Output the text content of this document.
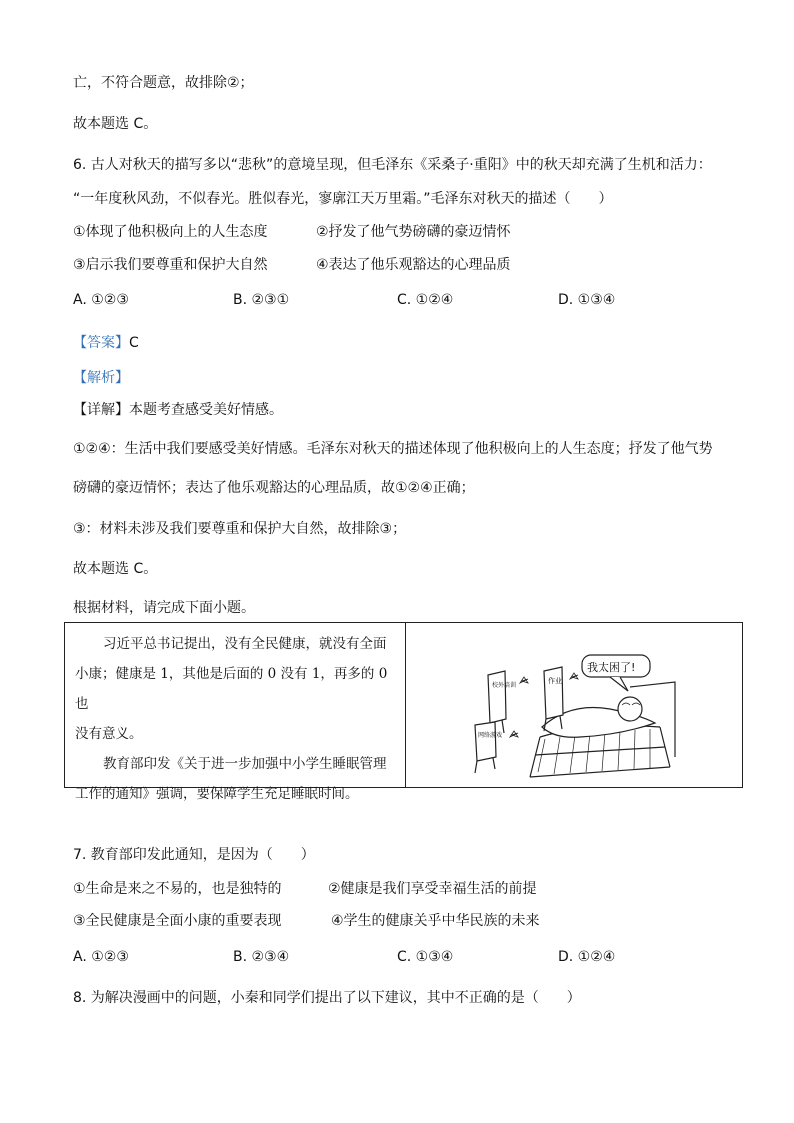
亡，不符合题意，故排除②；
故本题选 C。
6. 古人对秋天的描写多以“悲秋”的意境呈现，但毛泽东《采桑子·重阳》中的秋天却充满了生机和活力：
“一年度秋风劲，不似春光。胜似春光，寥廓江天万里霜。”毛泽东对秋天的描述（　　）
①体现了他积极向上的人生态度	②抒发了他气势磅礴的豪迈情怀
③启示我们要尊重和保护大自然	④表达了他乐观豁达的心理品质
A. ①②③	B. ②③①	C. ①②④	D. ①③④
【答案】C
【解析】
【详解】本题考查感受美好情感。
①②④：生活中我们要感受美好情感。毛泽东对秋天的描述体现了他积极向上的人生态度；抒发了他气势
磅礴的豪迈情怀；表达了他乐观豁达的心理品质，故①②④正确；
③：材料未涉及我们要尊重和保护大自然，故排除③；
故本题选 C。
根据材料，请完成下面小题。

习近平总书记提出，没有全民健康，就没有全面

小康；健康是 1，其他是后面的 0 没有 1，再多的 0 也

没有意义。

教育部印发《关于进一步加强中小学生睡眠管理

工作的通知》强调，要保障学生充足睡眠时间。

我太困了!
校外培训
作业
网络游戏
7. 教育部印发此通知，是因为（　　）
①生命是来之不易的，也是独特的	②健康是我们享受幸福生活的前提
③全民健康是全面小康的重要表现	④学生的健康关乎中华民族的未来
A. ①②③	B. ②③④	C. ①③④	D. ①②④
8. 为解决漫画中的问题，小秦和同学们提出了以下建议，其中不正确的是（　　）
